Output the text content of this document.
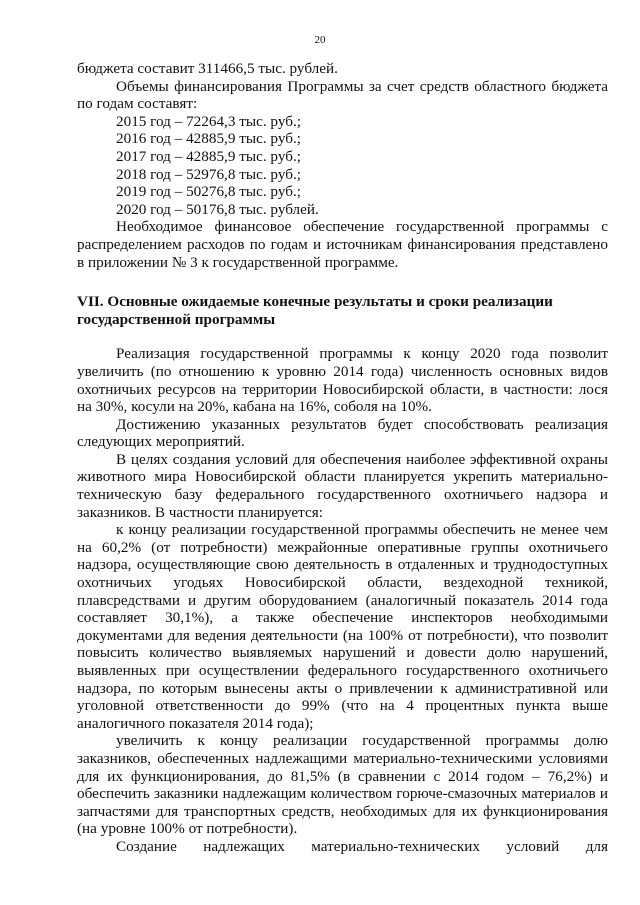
20

бюджета составит 311466,5 тыс. рублей.

Объемы финансирования Программы за счет средств областного бюджета по годам составят:

2015 год – 72264,3 тыс. руб.;

2016 год – 42885,9 тыс. руб.;

2017 год – 42885,9 тыс. руб.;

2018 год – 52976,8 тыс. руб.;

2019 год – 50276,8 тыс. руб.;

2020 год – 50176,8 тыс. рублей.

Необходимое финансовое обеспечение государственной программы с распределением расходов по годам и источникам финансирования представлено в приложении № 3 к государственной программе.

VII. Основные ожидаемые конечные результаты и сроки реализации

государственной программы

Реализация государственной программы к концу 2020 года позволит увеличить (по отношению к уровню 2014 года) численность основных видов охотничьих ресурсов на территории Новосибирской области, в частности: лося на 30%, косули на 20%, кабана на 16%, соболя на 10%.

Достижению указанных результатов будет способствовать реализация следующих мероприятий.

В целях создания условий для обеспечения наиболее эффективной охраны животного мира Новосибирской области планируется укрепить материально-техническую базу федерального государственного охотничьего надзора и заказников. В частности планируется:

к концу реализации государственной программы обеспечить не менее чем на 60,2% (от потребности) межрайонные оперативные группы охотничьего надзора, осуществляющие свою деятельность в отдаленных и труднодоступных охотничьих угодьях Новосибирской области, вездеходной техникой, плавсредствами и другим оборудованием (аналогичный показатель 2014 года составляет 30,1%), а также обеспечение инспекторов необходимыми документами для ведения деятельности (на 100% от потребности), что позволит повысить количество выявляемых нарушений и довести долю нарушений, выявленных при осуществлении федерального государственного охотничьего надзора, по которым вынесены акты о привлечении к административной или уголовной ответственности до 99% (что на 4 процентных пункта выше аналогичного показателя 2014 года);

увеличить к концу реализации государственной программы долю заказников, обеспеченных надлежащими материально-техническими условиями для их функционирования, до 81,5% (в сравнении с 2014 годом – 76,2%) и обеспечить заказники надлежащим количеством горюче-смазочных материалов и запчастями для транспортных средств, необходимых для их функционирования (на уровне 100% от потребности).

Создание надлежащих материально-технических условий для
